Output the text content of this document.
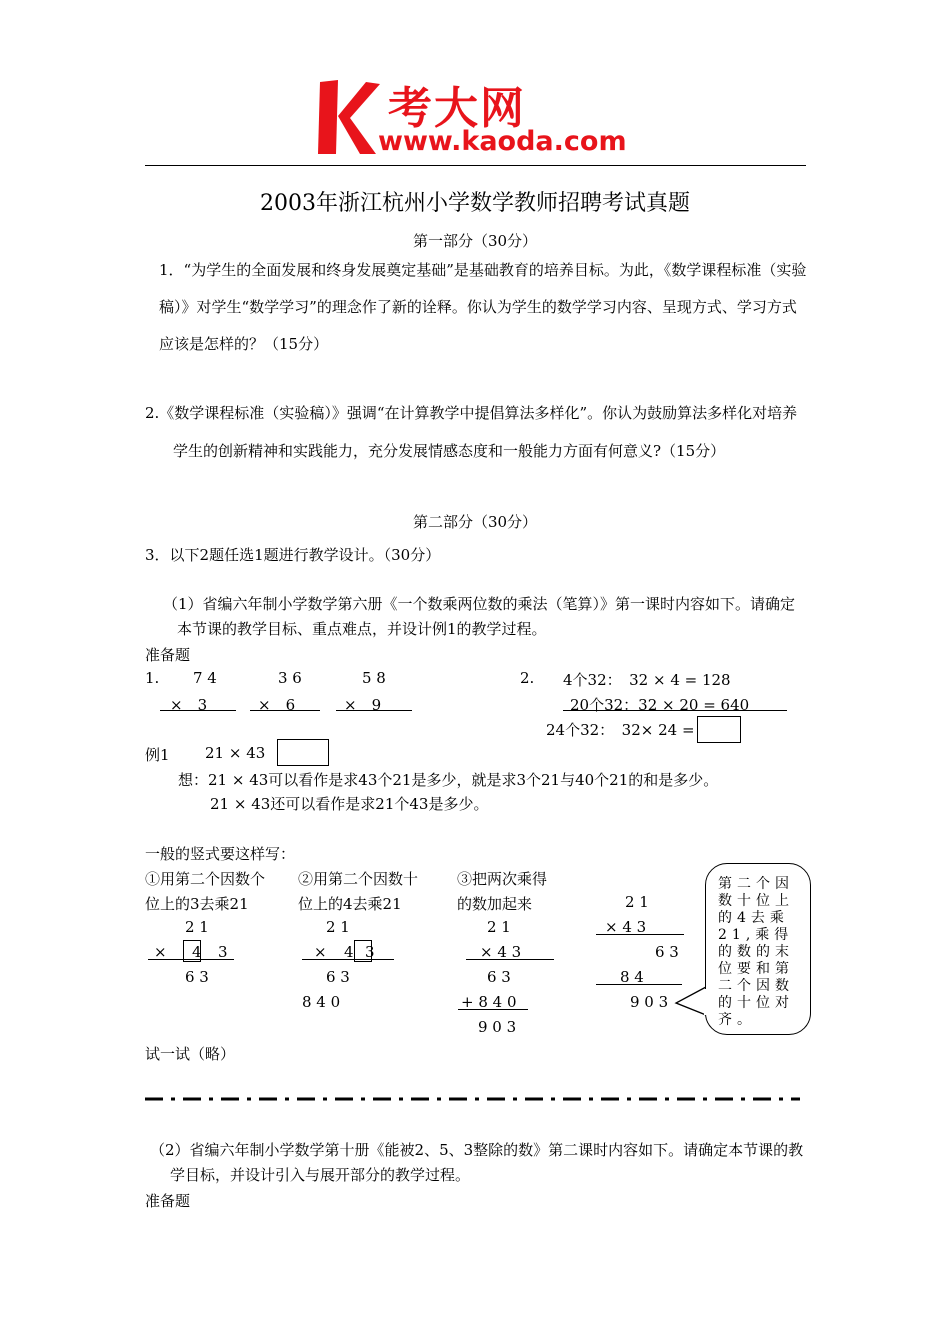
考大网
www.kaoda.com
2003年浙江杭州小学数学教师招聘考试真题
第一部分（30分）
1．“为学生的全面发展和终身发展奠定基础”是基础教育的培养目标。为此，《数学课程标准（实验稿）》对学生“数学学习”的理念作了新的诠释。你认为学生的数学学习内容、呈现方式、学习方式应该是怎样的？（15分）
2.《数学课程标准（实验稿）》强调“在计算教学中提倡算法多样化”。你认为鼓励算法多样化对培养学生的创新精神和实践能力，充分发展情感态度和一般能力方面有何意义?（15分）
第二部分（30分）
3．以下2题任选1题进行教学设计。（30分）
（1）省编六年制小学数学第六册《一个数乘两位数的乘法（笔算）》第一课时内容如下。请确定本节课的教学目标、重点难点，并设计例1的教学过程。
准备题
1. 7 4
×　3
3 6
×　6
5 8
×　9
2. 4个32：　32 × 4 = 128
20个32：32 × 20 = 640
24个32：　32× 24 =
例1 21 × 43
想：21 × 43可以看作是求43个21是多少，就是求3个21与40个21的和是多少。
21 × 43还可以看作是求21个43是多少。
一般的竖式要这样写：
①用第二个因数个
位上的3去乘21
②用第二个因数十
位上的4去乘21
③把两次乘得
的数加起来
2 1
× 4 3
6 3
2 1
× 4 3
6 3
8 4 0
2 1
× 4 3
6 3
+ 8 4 0
9 0 3
2 1
× 4 3
6 3
8 4
9 0 3
第二个因数十位上的4去乘21,乘得的数的末位要和第二个因数的十位对齐。
试一试（略）
（2）省编六年制小学数学第十册《能被2、5、3整除的数》第二课时内容如下。请确定本节课的教学目标，并设计引入与展开部分的教学过程。
准备题
